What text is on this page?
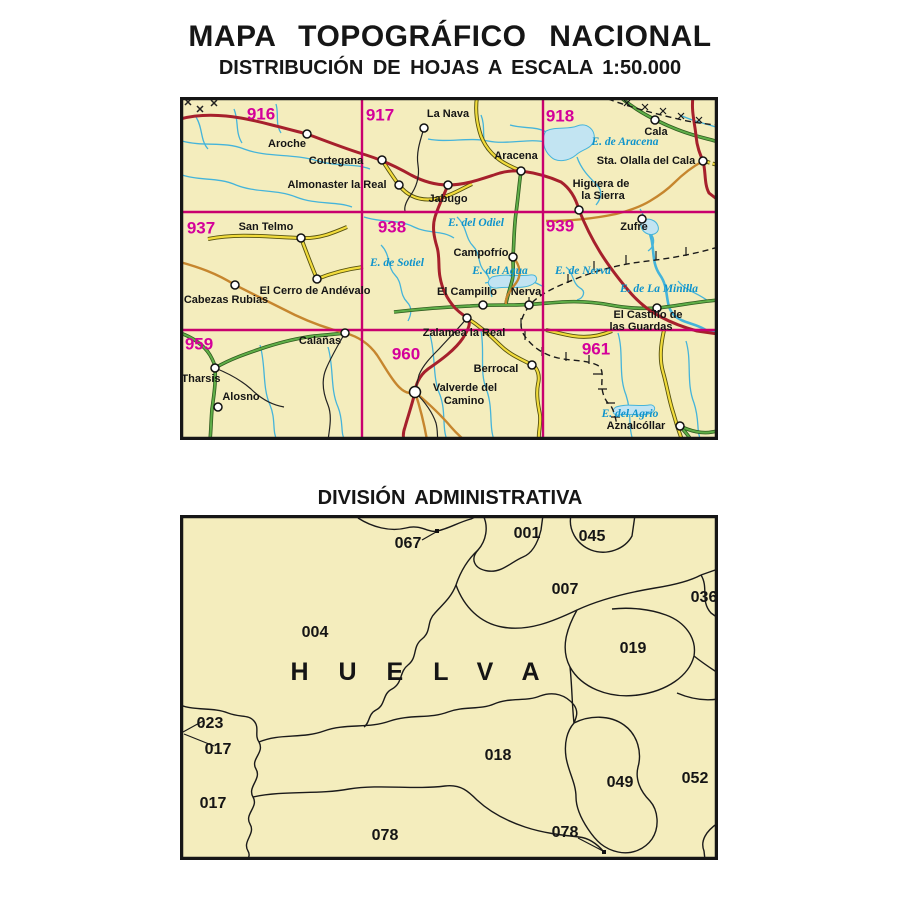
MAPA TOPOGRÁFICO NACIONAL
DISTRIBUCIÓN DE HOJAS A ESCALA 1:50.000
Aroche
Cortegana
Almonaster la Real
La Nava
Jabugo
Aracena
Cala
Sta. Olalla del Cala
Higuera de
la Sierra
San Telmo
Cabezas Rubias
El Cerro de Andévalo
Campofrío
El Campillo Nerva
Zufre
El Castillo de
las Guardas
Tharsis
Alosno
Calañas
Zalamea la Real
Berrocal
Valverde del
Camino
Aznalcóllar
E. de Aracena
E. del Odiel
E. de Sotiel
E. del Agua E. de Nerva
E. de La Minilla
E. del Agrio
916	917	918
937	938	939
959
960	961
DIVISIÓN ADMINISTRATIVA
067
001 045
007	036
004
019
023
017
017
018
049	052
078	078
HUELVA
